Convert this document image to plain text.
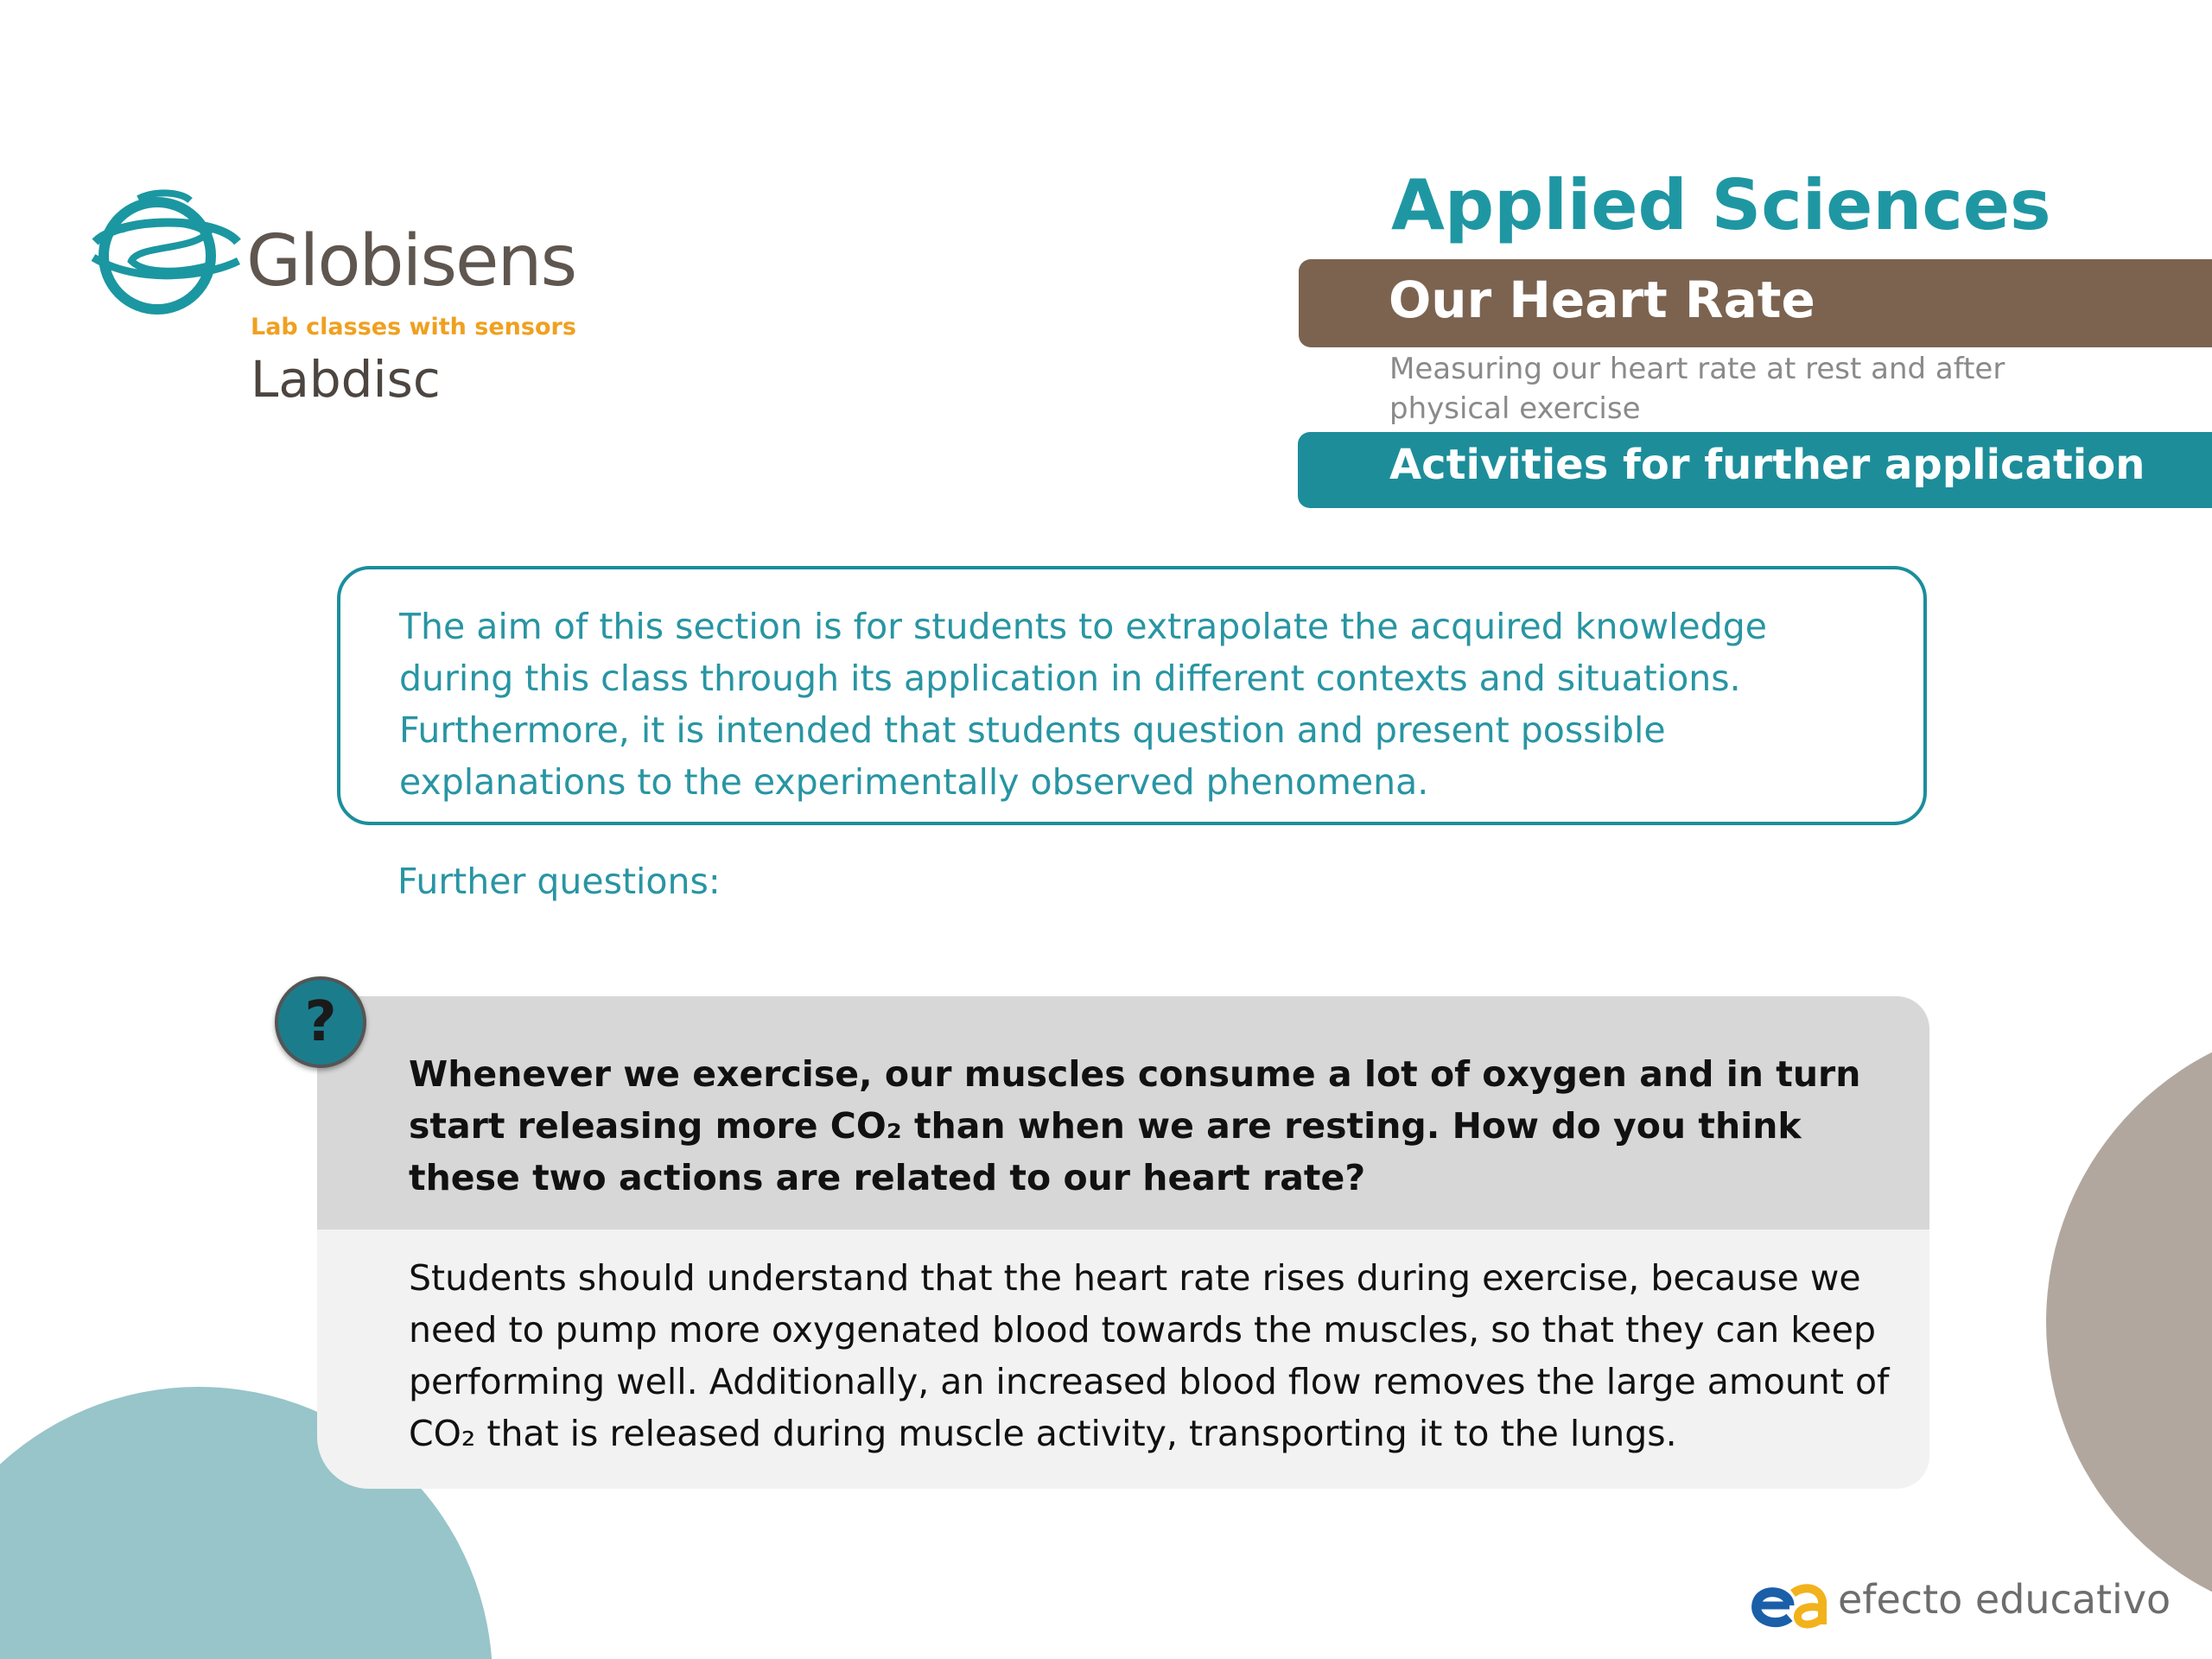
Globisens
Lab classes with sensors
Labdisc
Applied Sciences
Our Heart Rate
Measuring our heart rate at rest and after physical exercise
Activities for further application
The aim of this section is for students to extrapolate the acquired knowledge during this class through its application in different contexts and situations. Furthermore, it is intended that students question and present possible explanations to the experimentally observed phenomena.
Further questions:
Whenever we exercise, our muscles consume a lot of oxygen and in turn start releasing more CO₂ than when we are resting. How do you think these two actions are related to our heart rate?
Students should understand that the heart rate rises during exercise, because we need to pump more oxygenated blood towards the muscles, so that they can keep performing well. Additionally, an increased blood flow removes the large amount of CO₂ that is released during muscle activity, transporting it to the lungs.
?
efecto educativo
